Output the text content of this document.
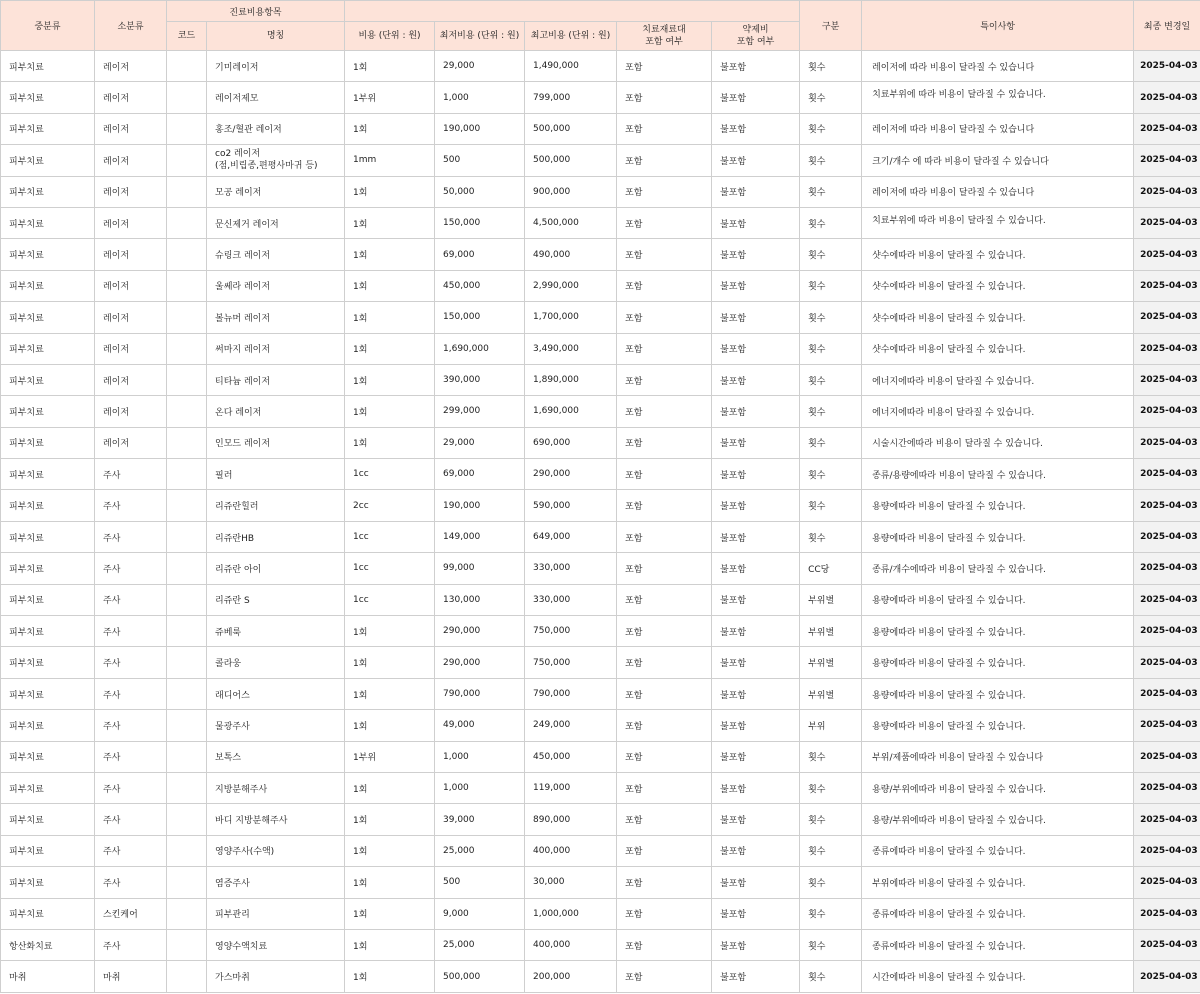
중분류	소분류	진료비용항목							구분	특이사항	최종 변경일
		코드	명칭	비용 (단위 : 원)	최저비용 (단위 : 원)	최고비용 (단위 : 원)	치료재료대
포함 여부	약제비
포함 여부			

피부치료	레이저		기미레이저	1회	29,000	1,490,000	포함	불포함	횟수	레이저에 따라 비용이 달라질 수 있습니다	2025-04-03
피부치료	레이저		레이저제모	1부위	1,000	799,000	포함	불포함	횟수	치료부위에 따라 비용이 달라질 수 있습니다.	2025-04-03
피부치료	레이저		홍조/혈관 레이저	1회	190,000	500,000	포함	불포함	횟수	레이저에 따라 비용이 달라질 수 있습니다	2025-04-03
피부치료	레이저		co2 레이저
(점,비립종,편평사마귀 등)	1mm	500	500,000	포함	불포함	횟수	크기/개수 에 따라 비용이 달라질 수 있습니다	2025-04-03
피부치료	레이저		모공 레이저	1회	50,000	900,000	포함	불포함	횟수	레이저에 따라 비용이 달라질 수 있습니다	2025-04-03
피부치료	레이저		문신제거 레이저	1회	150,000	4,500,000	포함	불포함	횟수	치료부위에 따라 비용이 달라질 수 있습니다.	2025-04-03
피부치료	레이저		슈링크 레이저	1회	69,000	490,000	포함	불포함	횟수	샷수에따라 비용이 달라질 수 있습니다.	2025-04-03
피부치료	레이저		울쎄라 레이저	1회	450,000	2,990,000	포함	불포함	횟수	샷수에따라 비용이 달라질 수 있습니다.	2025-04-03
피부치료	레이저		볼뉴머 레이저	1회	150,000	1,700,000	포함	불포함	횟수	샷수에따라 비용이 달라질 수 있습니다.	2025-04-03
피부치료	레이저		써마지 레이저	1회	1,690,000	3,490,000	포함	불포함	횟수	샷수에따라 비용이 달라질 수 있습니다.	2025-04-03
피부치료	레이저		티타늄 레이저	1회	390,000	1,890,000	포함	불포함	횟수	에너지에따라 비용이 달라질 수 있습니다.	2025-04-03
피부치료	레이저		온다 레이저	1회	299,000	1,690,000	포함	불포함	횟수	에너지에따라 비용이 달라질 수 있습니다.	2025-04-03
피부치료	레이저		인모드 레이저	1회	29,000	690,000	포함	불포함	횟수	시술시간에따라 비용이 달라질 수 있습니다.	2025-04-03
피부치료	주사		필러	1cc	69,000	290,000	포함	불포함	횟수	종류/용량에따라 비용이 달라질 수 있습니다.	2025-04-03
피부치료	주사		리쥬란힐러	2cc	190,000	590,000	포함	불포함	횟수	용량에따라 비용이 달라질 수 있습니다.	2025-04-03
피부치료	주사		리쥬란HB	1cc	149,000	649,000	포함	불포함	횟수	용량에따라 비용이 달라질 수 있습니다.	2025-04-03
피부치료	주사		리쥬란 아이	1cc	99,000	330,000	포함	불포함	CC당	종류/개수에따라 비용이 달라질 수 있습니다.	2025-04-03
피부치료	주사		리쥬란 S	1cc	130,000	330,000	포함	불포함	부위별	용량에따라 비용이 달라질 수 있습니다.	2025-04-03
피부치료	주사		쥬베룩	1회	290,000	750,000	포함	불포함	부위별	용량에따라 비용이 달라질 수 있습니다.	2025-04-03
피부치료	주사		콜라웅	1회	290,000	750,000	포함	불포함	부위별	용량에따라 비용이 달라질 수 있습니다.	2025-04-03
피부치료	주사		래디어스	1회	790,000	790,000	포함	불포함	부위별	용량에따라 비용이 달라질 수 있습니다.	2025-04-03
피부치료	주사		물광주사	1회	49,000	249,000	포함	불포함	부위	용량에따라 비용이 달라질 수 있습니다.	2025-04-03
피부치료	주사		보톡스	1부위	1,000	450,000	포함	불포함	횟수	부위/제품에따라 비용이 달라질 수 있습니다	2025-04-03
피부치료	주사		지방분해주사	1회	1,000	119,000	포함	불포함	횟수	용량/부위에따라 비용이 달라질 수 있습니다.	2025-04-03
피부치료	주사		바디 지방분해주사	1회	39,000	890,000	포함	불포함	횟수	용량/부위에따라 비용이 달라질 수 있습니다.	2025-04-03
피부치료	주사		영양주사(수액)	1회	25,000	400,000	포함	불포함	횟수	종류에따라 비용이 달라질 수 있습니다.	2025-04-03
피부치료	주사		염증주사	1회	500	30,000	포함	불포함	횟수	부위에따라 비용이 달라질 수 있습니다.	2025-04-03
피부치료	스킨케어		피부관리	1회	9,000	1,000,000	포함	불포함	횟수	종류에따라 비용이 달라질 수 있습니다.	2025-04-03
항산화치료	주사		영양수액치료	1회	25,000	400,000	포함	불포함	횟수	종류에따라 비용이 달라질 수 있습니다.	2025-04-03
마취	마취		가스마취	1회	500,000	200,000	포함	불포함	횟수	시간에따라 비용이 달라질 수 있습니다.	2025-04-03
